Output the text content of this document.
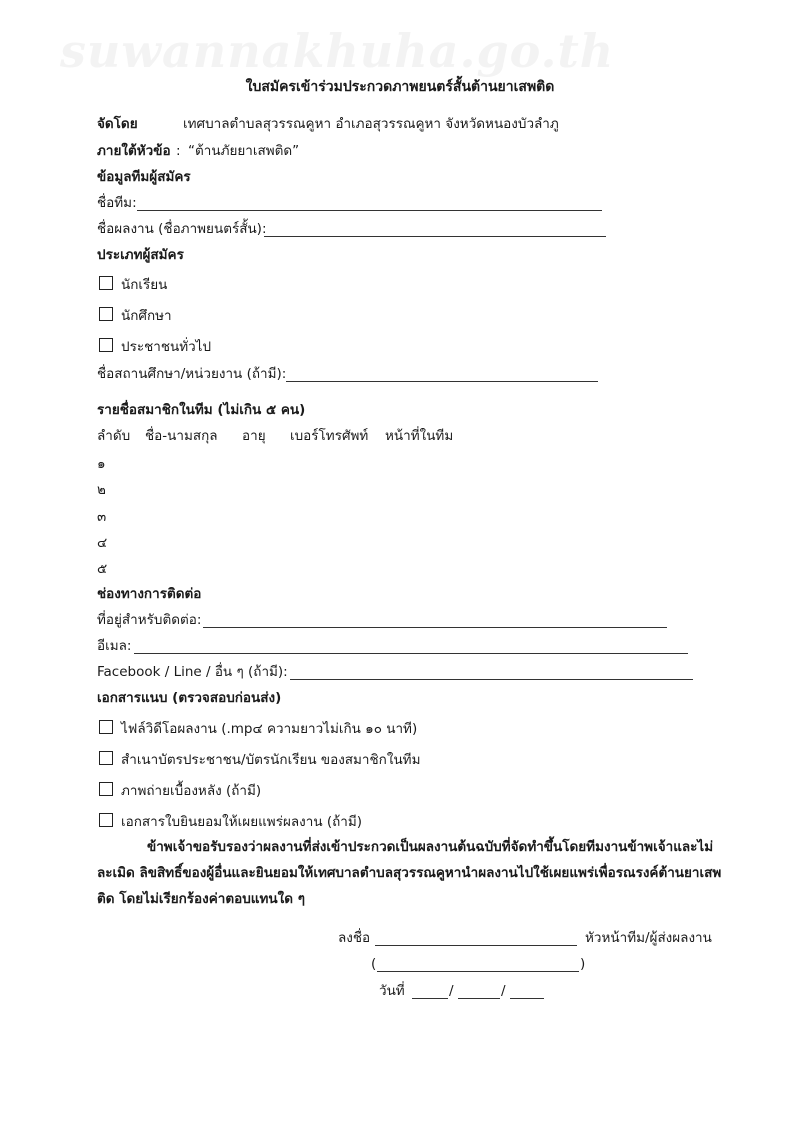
suwannakhuha.go.th
ใบสมัครเข้าร่วมประกวดภาพยนตร์สั้นต้านยาเสพติด
จัดโดย	เทศบาลตำบลสุวรรณคูหา อำเภอสุวรรณคูหา จังหวัดหนองบัวลำภู
ภายใต้หัวข้อ : “ต้านภัยยาเสพติด”
ข้อมูลทีมผู้สมัคร
ชื่อทีม:
ชื่อผลงาน (ชื่อภาพยนตร์สั้น):
ประเภทผู้สมัคร
นักเรียน
นักศึกษา
ประชาชนทั่วไป
ชื่อสถานศึกษา/หน่วยงาน (ถ้ามี):
รายชื่อสมาชิกในทีม (ไม่เกิน ๕ คน)
ลำดับ ชื่อ-นามสกุล อายุ เบอร์โทรศัพท์ หน้าที่ในทีม
๑
๒
๓
๔
๕
ช่องทางการติดต่อ
ที่อยู่สำหรับติดต่อ:
อีเมล:
Facebook / Line / อื่น ๆ (ถ้ามี):
เอกสารแนบ (ตรวจสอบก่อนส่ง)
ไฟล์วิดีโอผลงาน (.mp๔ ความยาวไม่เกิน ๑๐ นาที)
สำเนาบัตรประชาชน/บัตรนักเรียน ของสมาชิกในทีม
ภาพถ่ายเบื้องหลัง (ถ้ามี)
เอกสารใบยินยอมให้เผยแพร่ผลงาน (ถ้ามี)
ข้าพเจ้าขอรับรองว่าผลงานที่ส่งเข้าประกวดเป็นผลงานต้นฉบับที่จัดทำขึ้นโดยทีมงานข้าพเจ้าและไม่ละเมิด ลิขสิทธิ์ของผู้อื่นและยินยอมให้เทศบาลตำบลสุวรรณคูหานำผลงานไปใช้เผยแพร่เพื่อรณรงค์ต้านยาเสพติด โดยไม่เรียกร้องค่าตอบแทนใด ๆ
ลงชื่อ	หัวหน้าทีม/ผู้ส่งผลงาน
(	)
วันที่	/	/
